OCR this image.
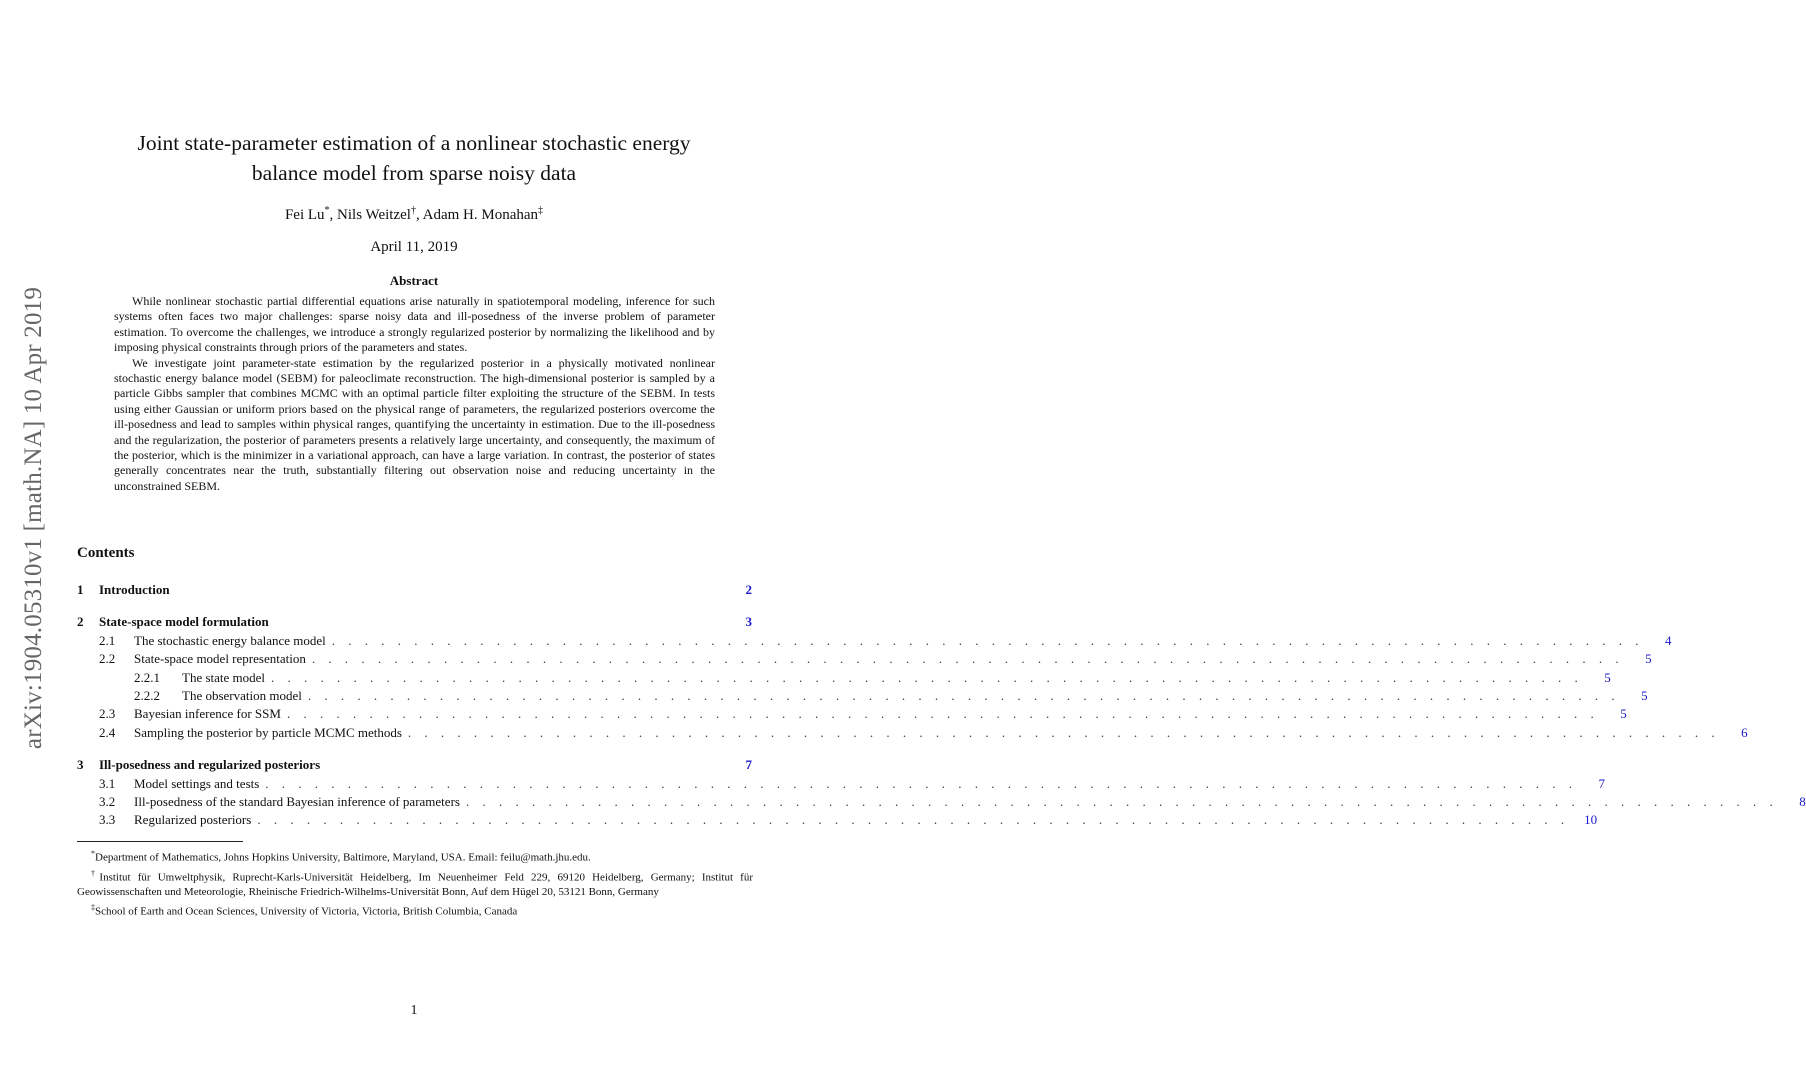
arXiv:1904.05310v1 [math.NA] 10 Apr 2019
Joint state-parameter estimation of a nonlinear stochastic energy
balance model from sparse noisy data
Fei Lu*, Nils Weitzel†, Adam H. Monahan‡
April 11, 2019
Abstract

While nonlinear stochastic partial differential equations arise naturally in spatiotemporal modeling, inference for such systems often faces two major challenges: sparse noisy data and ill-posedness of the inverse problem of parameter estimation. To overcome the challenges, we introduce a strongly regularized posterior by normalizing the likelihood and by imposing physical constraints through priors of the parameters and states.

We investigate joint parameter-state estimation by the regularized posterior in a physically motivated nonlinear stochastic energy balance model (SEBM) for paleoclimate reconstruction. The high-dimensional posterior is sampled by a particle Gibbs sampler that combines MCMC with an optimal particle filter exploiting the structure of the SEBM. In tests using either Gaussian or uniform priors based on the physical range of parameters, the regularized posteriors overcome the ill-posedness and lead to samples within physical ranges, quantifying the uncertainty in estimation. Due to the ill-posedness and the regularization, the posterior of parameters presents a relatively large uncertainty, and consequently, the maximum of the posterior, which is the minimizer in a variational approach, can have a large variation. In contrast, the posterior of states generally concentrates near the truth, substantially filtering out observation noise and reducing uncertainty in the unconstrained SEBM.

Contents
1	Introduction	2
2	State-space model formulation	3
2.1	The stochastic energy balance model . . . . . . . . . . . . . . . . . . . . . . . . . . . . . . . . . . . . . . . . . . . . . . . . . . . . . . . . . . . . . . . . . . . . . . . . . . . . . . . .	4
2.2	State-space model representation . . . . . . . . . . . . . . . . . . . . . . . . . . . . . . . . . . . . . . . . . . . . . . . . . . . . . . . . . . . . . . . . . . . . . . . . . . . . . . . .	5
2.2.1	The state model . . . . . . . . . . . . . . . . . . . . . . . . . . . . . . . . . . . . . . . . . . . . . . . . . . . . . . . . . . . . . . . . . . . . . . . . . . . . . . . .	5
2.2.2	The observation model . . . . . . . . . . . . . . . . . . . . . . . . . . . . . . . . . . . . . . . . . . . . . . . . . . . . . . . . . . . . . . . . . . . . . . . . . . . . . . . .	5
2.3	Bayesian inference for SSM . . . . . . . . . . . . . . . . . . . . . . . . . . . . . . . . . . . . . . . . . . . . . . . . . . . . . . . . . . . . . . . . . . . . . . . . . . . . . . . .	5
2.4	Sampling the posterior by particle MCMC methods . . . . . . . . . . . . . . . . . . . . . . . . . . . . . . . . . . . . . . . . . . . . . . . . . . . . . . . . . . . . . . . . . . . . . . . . . . . . . . . .	6
3	Ill-posedness and regularized posteriors	7
3.1	Model settings and tests . . . . . . . . . . . . . . . . . . . . . . . . . . . . . . . . . . . . . . . . . . . . . . . . . . . . . . . . . . . . . . . . . . . . . . . . . . . . . . . .	7
3.2	Ill-posedness of the standard Bayesian inference of parameters . . . . . . . . . . . . . . . . . . . . . . . . . . . . . . . . . . . . . . . . . . . . . . . . . . . . . . . . . . . . . . . . . . . . . . . . . . . . . . . .	8
3.3	Regularized posteriors . . . . . . . . . . . . . . . . . . . . . . . . . . . . . . . . . . . . . . . . . . . . . . . . . . . . . . . . . . . . . . . . . . . . . . . . . . . . . . . .	10

*Department of Mathematics, Johns Hopkins University, Baltimore, Maryland, USA. Email: feilu@math.jhu.edu.

†Institut für Umweltphysik, Ruprecht-Karls-Universität Heidelberg, Im Neuenheimer Feld 229, 69120 Heidelberg, Germany; Institut für Geowissenschaften und Meteorologie, Rheinische Friedrich-Wilhelms-Universität Bonn, Auf dem Hügel 20, 53121 Bonn, Germany

‡School of Earth and Ocean Sciences, University of Victoria, Victoria, British Columbia, Canada

1
